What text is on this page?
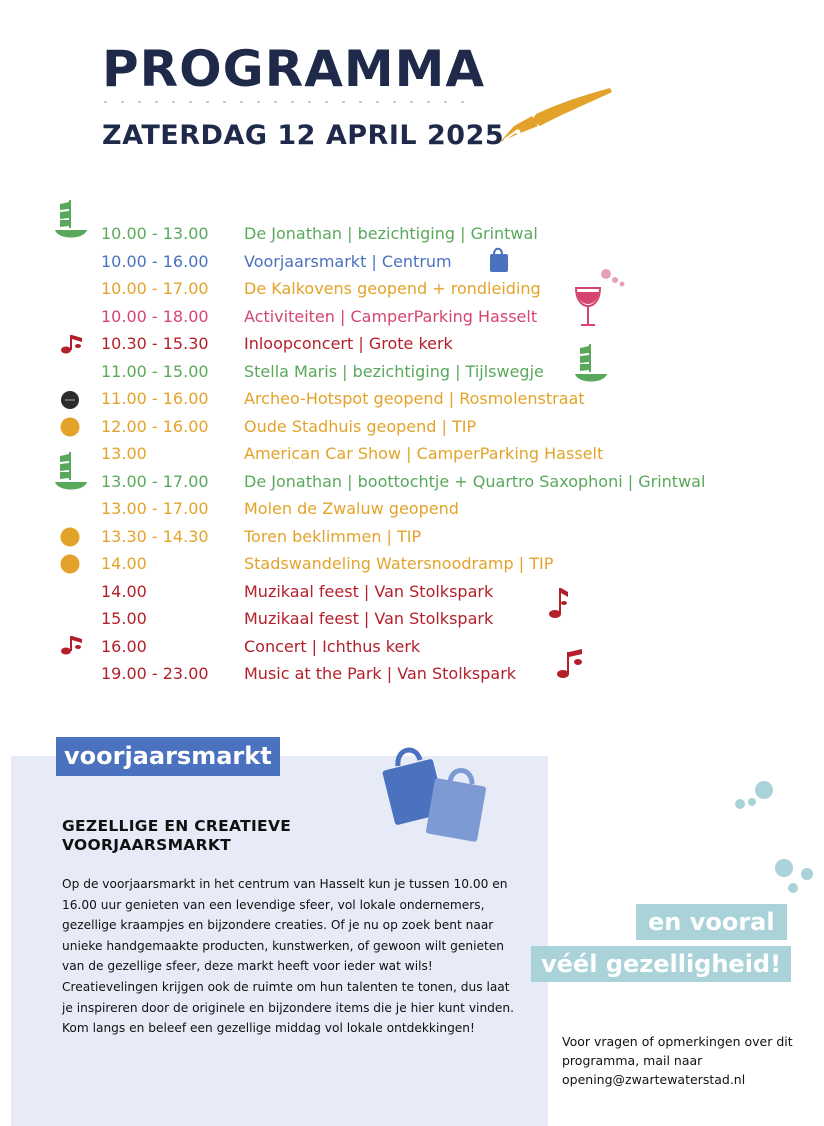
PROGRAMMA
ZATERDAG 12 APRIL 2025
10.00 - 13.00 De Jonathan | bezichtiging | Grintwal
10.00 - 16.00 Voorjaarsmarkt | Centrum
10.00 - 17.00 De Kalkovens geopend + rondleiding
10.00 - 18.00 Activiteiten | CamperParking Hasselt
10.30 - 15.30 Inloopconcert | Grote kerk
11.00 - 15.00 Stella Maris | bezichtiging | Tijlswegje
11.00 - 16.00 Archeo-Hotspot geopend | Rosmolenstraat
12.00 - 16.00 Oude Stadhuis geopend | TIP
13.00	American Car Show | CamperParking Hasselt
13.00 - 17.00 De Jonathan | boottochtje + Quartro Saxophoni | Grintwal
13.00 - 17.00 Molen de Zwaluw geopend
13.30 - 14.30 Toren beklimmen | TIP
14.00	Stadswandeling Watersnoodramp | TIP
14.00	Muzikaal feest | Van Stolkspark
15.00	Muzikaal feest | Van Stolkspark
16.00	Concert | Ichthus kerk
19.00 - 23.00 Music at the Park | Van Stolkspark
voorjaarsmarkt
GEZELLIGE EN CREATIEVE VOORJAARSMARKT

Op de voorjaarsmarkt in het centrum van Hasselt kun je tussen 10.00 en 16.00 uur genieten van een levendige sfeer, vol lokale ondernemers, gezellige kraampjes en bijzondere creaties. Of je nu op zoek bent naar unieke handgemaakte producten, kunstwerken, of gewoon wilt genieten van de gezellige sfeer, deze markt heeft voor ieder wat wils! Creatievelingen krijgen ook de ruimte om hun talenten te tonen, dus laat je inspireren door de originele en bijzondere items die je hier kunt vinden. Kom langs en beleef een gezellige middag vol lokale ontdekkingen!

en vooral
véél gezelligheid!

Voor vragen of opmerkingen over dit programma, mail naar opening@zwartewaterstad.nl
